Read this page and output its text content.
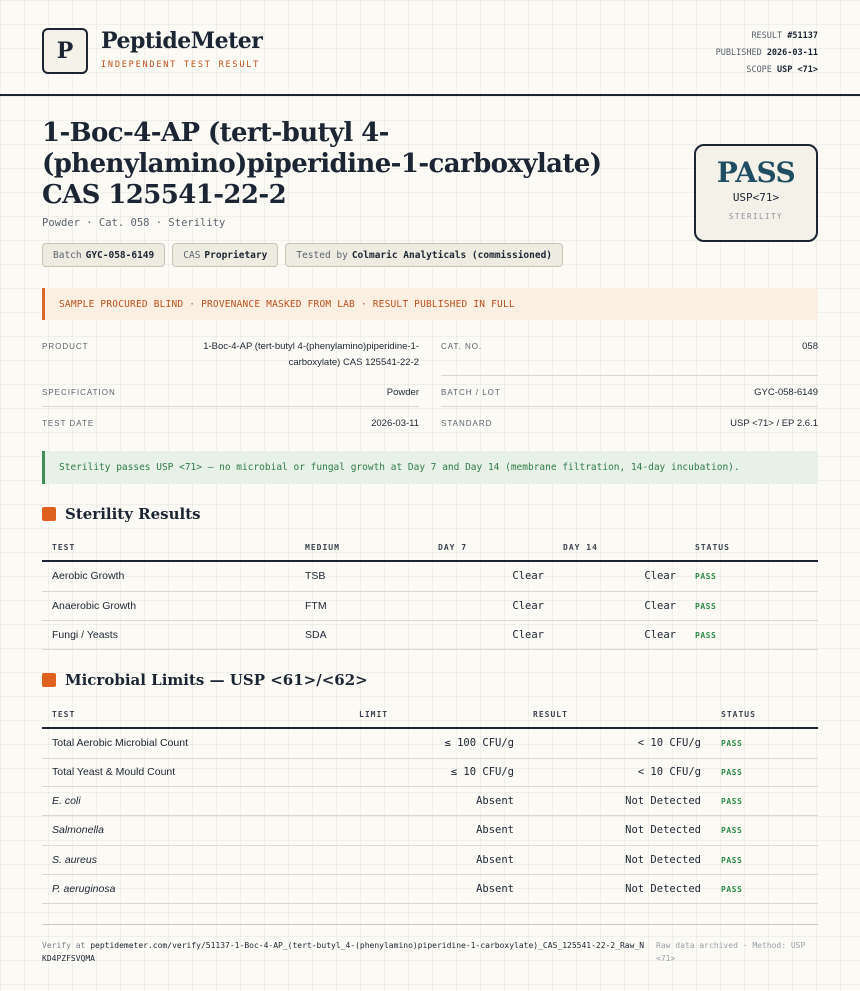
P	PeptideMeter
INDEPENDENT TEST RESULT
RESULT #51137
PUBLISHED 2026-03-11
SCOPE USP <71>
1-Boc-4-AP (tert-butyl 4-(phenylamino)piperidine-1-carboxylate) CAS 125541-22-2
Powder · Cat. 058 · Sterility
Batch GYC-058-6149	CAS Proprietary	Tested by Colmaric Analyticals (commissioned)
PASS
USP<71>
STERILITY
SAMPLE PROCURED BLIND · PROVENANCE MASKED FROM LAB · RESULT PUBLISHED IN FULL
PRODUCT	1-Boc-4-AP (tert-butyl 4-(phenylamino)piperidine-1-
carboxylate) CAS 125541-22-2
CAT. NO.	058
SPECIFICATION	Powder	BATCH / LOT	GYC-058-6149
TEST DATE	2026-03-11	STANDARD	USP <71> / EP 2.6.1
Sterility passes USP <71> — no microbial or fungal growth at Day 7 and Day 14 (membrane filtration, 14-day incubation).
Sterility Results
TEST	MEDIUM	DAY 7	DAY 14	STATUS
Aerobic Growth	TSB	Clear	Clear PASS
Anaerobic Growth	FTM	Clear	Clear PASS
Fungi / Yeasts	SDA	Clear	Clear PASS
Microbial Limits — USP <61>/<62>
TEST	LIMIT	RESULT	STATUS
Total Aerobic Microbial Count	≤ 100 CFU/g	< 10 CFU/g	PASS
Total Yeast & Mould Count	≤ 10 CFU/g	< 10 CFU/g	PASS
E. coli	Absent	Not Detected	PASS
Salmonella	Absent	Not Detected	PASS
S. aureus	Absent	Not Detected	PASS
P. aeruginosa	Absent	Not Detected	PASS
Verify at peptidemeter.com/verify/51137-1-Boc-4-AP_(tert-butyl_4-(phenylamino)piperidine-1-carboxylate)_CAS_125541-22-2_Raw_NKD4PZFSVQMA
Raw data archived · Method: USP <71>
